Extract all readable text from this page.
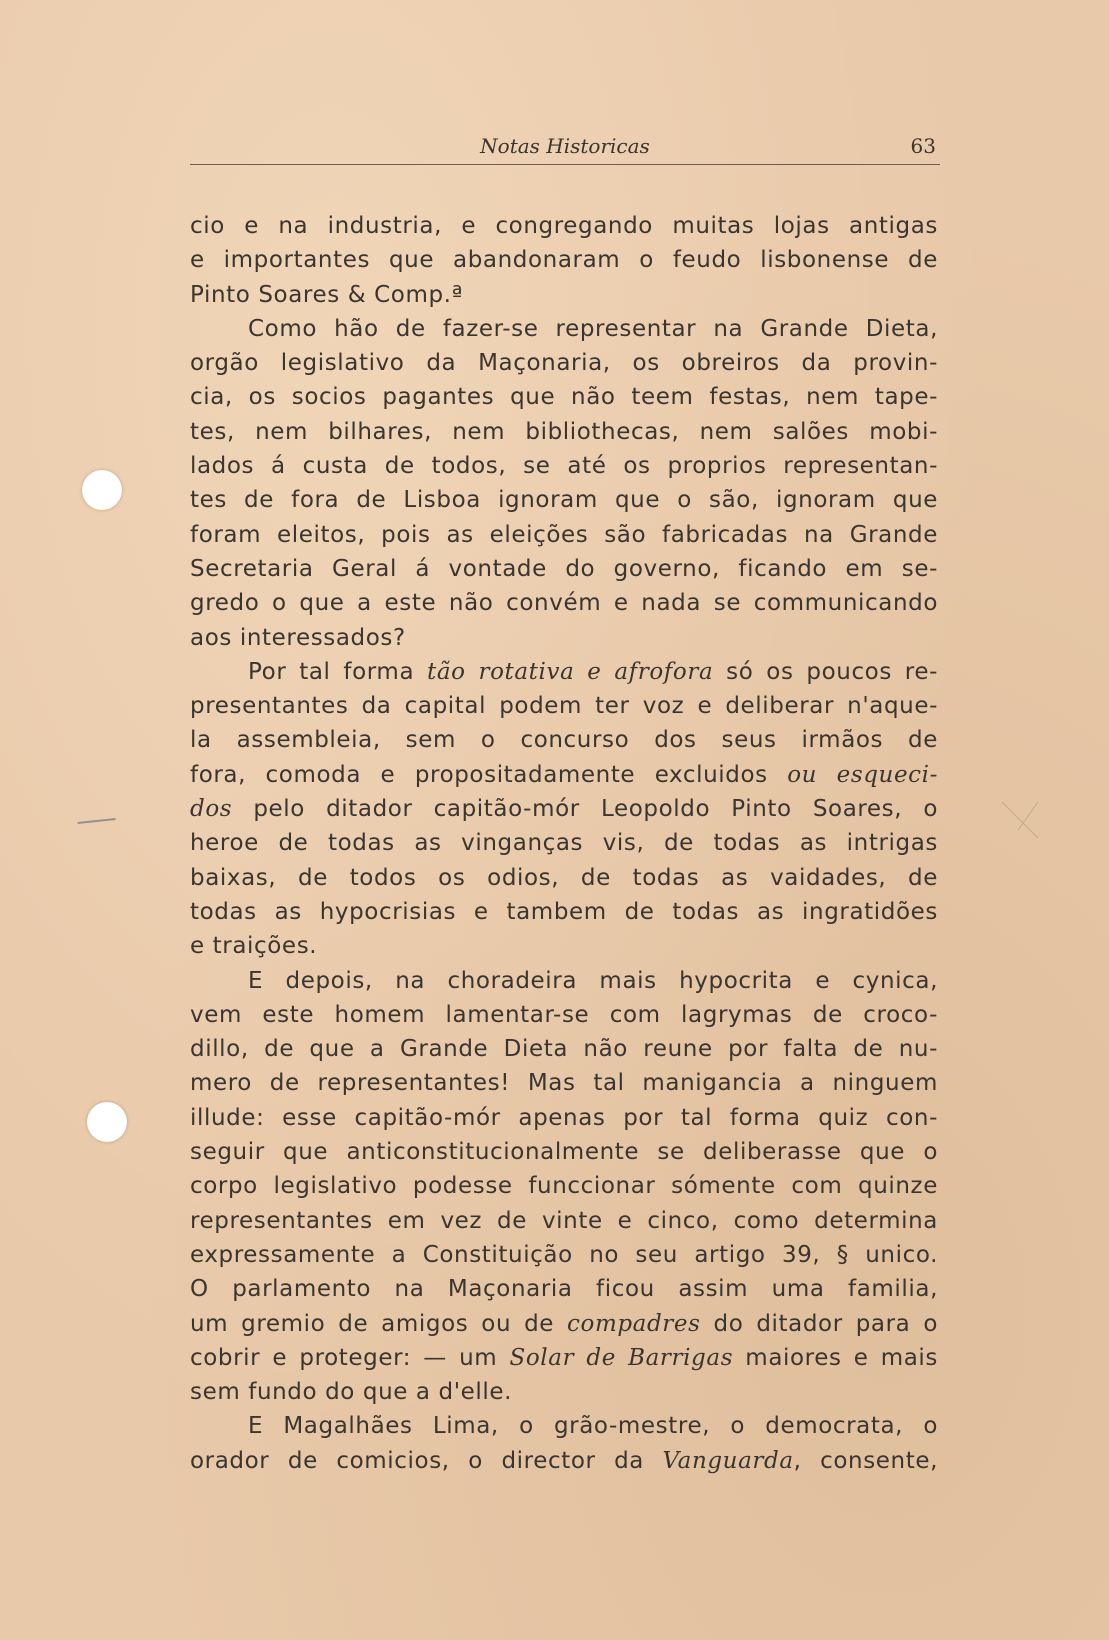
Notas Historicas	63
cio e na industria, e congregando muitas lojas antigas
e importantes que abandonaram o feudo lisbonense de
Pinto Soares & Comp.ª
Como hão de fazer-se representar na Grande Dieta,
orgão legislativo da Maçonaria, os obreiros da provin-
cia, os socios pagantes que não teem festas, nem tape-
tes, nem bilhares, nem bibliothecas, nem salões mobi-
lados á custa de todos, se até os proprios representan-
tes de fora de Lisboa ignoram que o são, ignoram que
foram eleitos, pois as eleições são fabricadas na Grande
Secretaria Geral á vontade do governo, ficando em se-
gredo o que a este não convém e nada se communicando
aos interessados?
Por tal forma tão rotativa e afrofora só os poucos re-
presentantes da capital podem ter voz e deliberar n'aque-
la assembleia, sem o concurso dos seus irmãos de
fora, comoda e propositadamente excluidos ou esqueci-
dos pelo ditador capitão-mór Leopoldo Pinto Soares, o
heroe de todas as vinganças vis, de todas as intrigas
baixas, de todos os odios, de todas as vaidades, de
todas as hypocrisias e tambem de todas as ingratidões
e traições.
E depois, na choradeira mais hypocrita e cynica,
vem este homem lamentar-se com lagrymas de croco-
dillo, de que a Grande Dieta não reune por falta de nu-
mero de representantes! Mas tal manigancia a ninguem
illude: esse capitão-mór apenas por tal forma quiz con-
seguir que anticonstitucionalmente se deliberasse que o
corpo legislativo podesse funccionar sómente com quinze
representantes em vez de vinte e cinco, como determina
expressamente a Constituição no seu artigo 39, § unico.
O parlamento na Maçonaria ficou assim uma familia,
um gremio de amigos ou de compadres do ditador para o
cobrir e proteger: — um Solar de Barrigas maiores e mais
sem fundo do que a d'elle.
E Magalhães Lima, o grão-mestre, o democrata, o
orador de comicios, o director da Vanguarda, consente,
